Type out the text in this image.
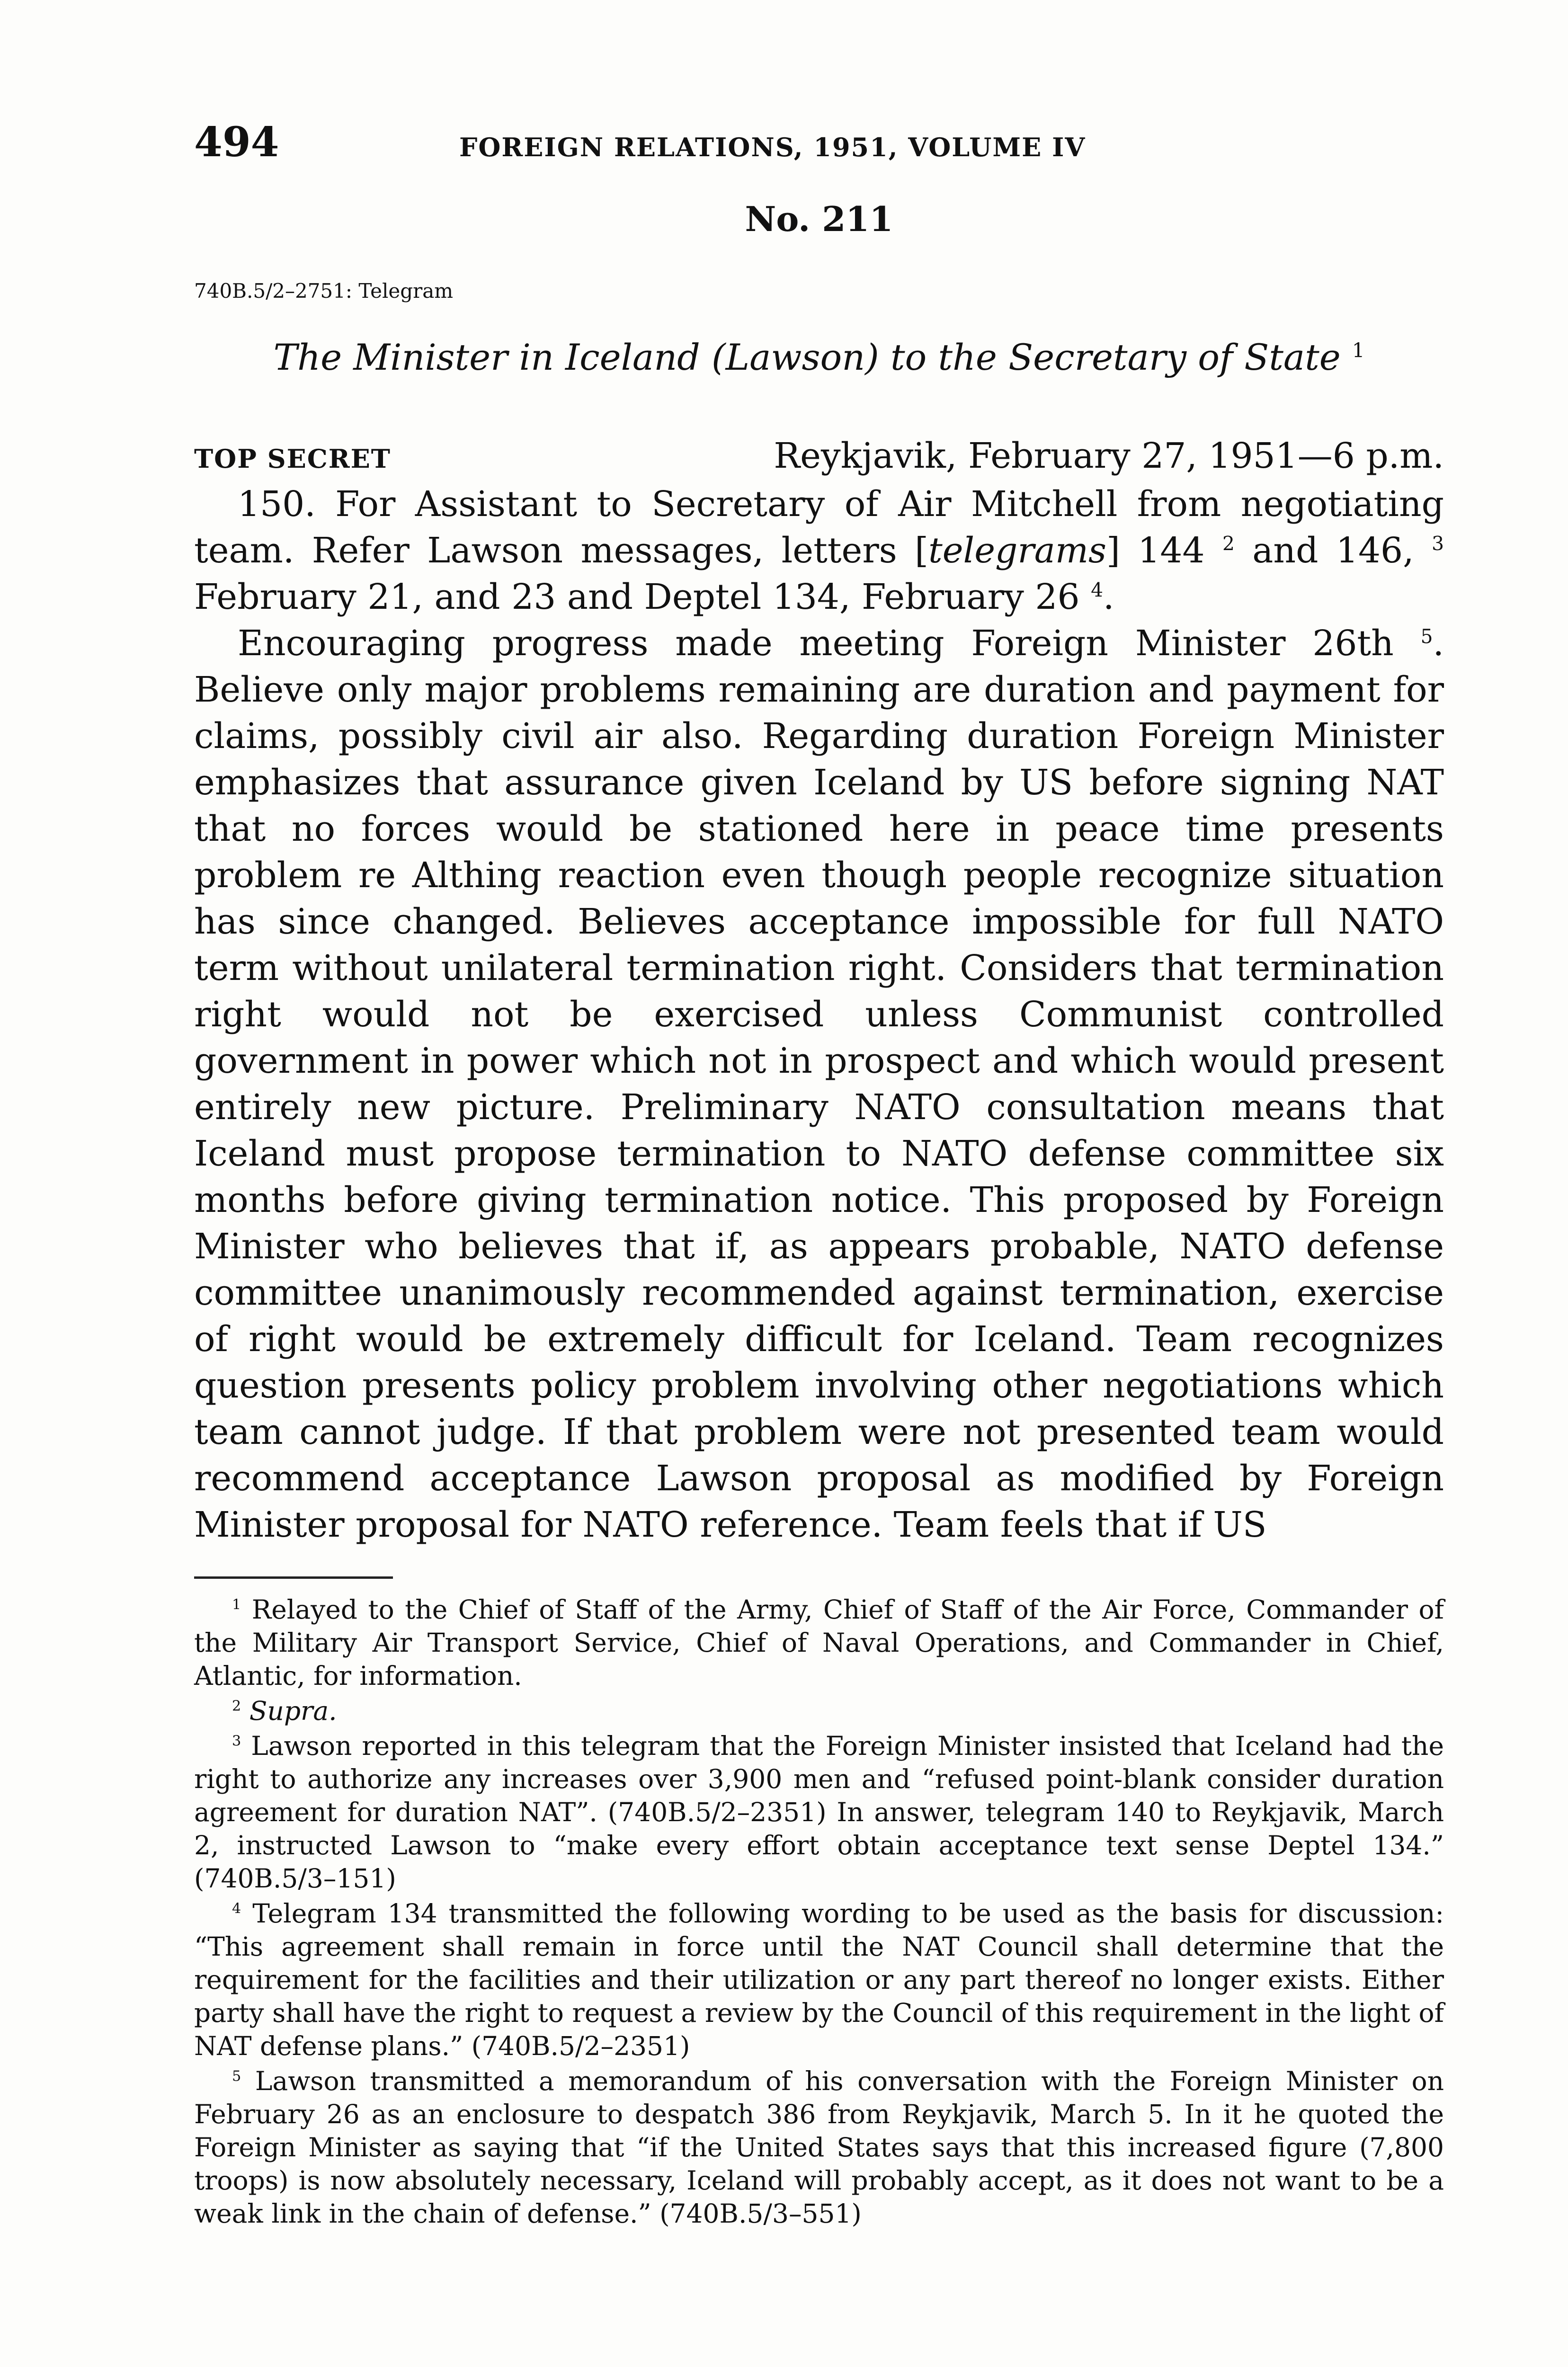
494	FOREIGN RELATIONS, 1951, VOLUME IV
No. 211
740B.5/2–2751: Telegram
The Minister in Iceland (Lawson) to the Secretary of State $^1$
TOP SECRET	Reykjavik, February 27, 1951—6 p.m.

150. For Assistant to Secretary of Air Mitchell from negotiating team. Refer Lawson messages, letters [telegrams] 144 $^2$ and 146, $^3$ February 21, and 23 and Deptel 134, February 26 $^4$.

Encouraging progress made meeting Foreign Minister 26th $^5$. Believe only major problems remaining are duration and payment for claims, possibly civil air also. Regarding duration Foreign Minister emphasizes that assurance given Iceland by US before signing NAT that no forces would be stationed here in peace time presents problem re Althing reaction even though people recognize situation has since changed. Believes acceptance impossible for full NATO term without unilateral termination right. Considers that termination right would not be exercised unless Communist controlled government in power which not in prospect and which would present entirely new picture. Preliminary NATO consultation means that Iceland must propose termination to NATO defense committee six months before giving termination notice. This proposed by Foreign Minister who believes that if, as appears probable, NATO defense committee unanimously recommended against termination, exercise of right would be extremely difficult for Iceland. Team recognizes question presents policy problem involving other negotiations which team cannot judge. If that problem were not presented team would recommend acceptance Lawson proposal as modified by Foreign Minister proposal for NATO reference. Team feels that if US

$^1$ Relayed to the Chief of Staff of the Army, Chief of Staff of the Air Force, Commander of the Military Air Transport Service, Chief of Naval Operations, and Commander in Chief, Atlantic, for information.

$^2$ Supra.

$^3$ Lawson reported in this telegram that the Foreign Minister insisted that Iceland had the right to authorize any increases over 3,900 men and “refused point-blank consider duration agreement for duration NAT”. (740B.5/2–2351) In answer, telegram 140 to Reykjavik, March 2, instructed Lawson to “make every effort obtain acceptance text sense Deptel 134.” (740B.5/3–151)

$^4$ Telegram 134 transmitted the following wording to be used as the basis for discussion: “This agreement shall remain in force until the NAT Council shall determine that the requirement for the facilities and their utilization or any part thereof no longer exists. Either party shall have the right to request a review by the Council of this requirement in the light of NAT defense plans.” (740B.5/2–2351)

$^5$ Lawson transmitted a memorandum of his conversation with the Foreign Minister on February 26 as an enclosure to despatch 386 from Reykjavik, March 5. In it he quoted the Foreign Minister as saying that “if the United States says that this increased figure (7,800 troops) is now absolutely necessary, Iceland will probably accept, as it does not want to be a weak link in the chain of defense.” (740B.5/3–551)
